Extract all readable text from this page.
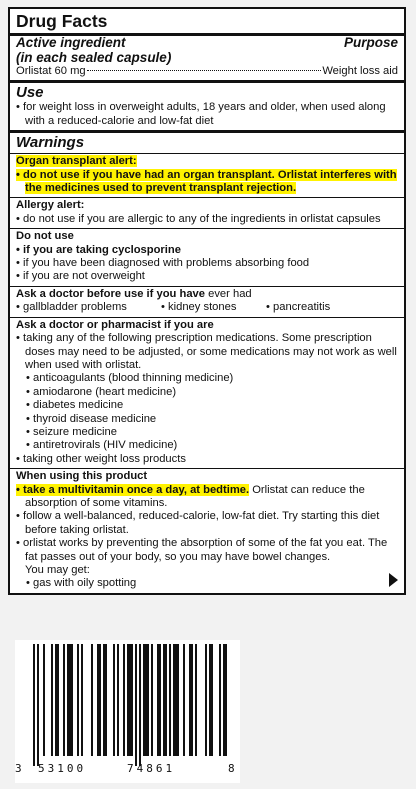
Drug Facts
Active ingredient
(in each sealed capsule)
Purpose
Orlistat 60 mg	Weight loss aid
Use
• for weight loss in overweight adults, 18 years and older, when used along with a reduced-calorie and low-fat diet
Warnings
Organ transplant alert:
• do not use if you have had an organ transplant. Orlistat interferes with the medicines used to prevent transplant rejection.
Allergy alert:
• do not use if you are allergic to any of the ingredients in orlistat capsules
Do not use
• if you are taking cyclosporine
• if you have been diagnosed with problems absorbing food
• if you are not overweight
Ask a doctor before use if you have ever had
• gallbladder problems	• kidney stones	• pancreatitis
Ask a doctor or pharmacist if you are
• taking any of the following prescription medications. Some prescription doses may need to be adjusted, or some medications may not work as well when used with orlistat.
• anticoagulants (blood thinning medicine)
• amiodarone (heart medicine)
• diabetes medicine
• thyroid disease medicine
• seizure medicine
• antiretrovirals (HIV medicine)
• taking other weight loss products
When using this product
• take a multivitamin once a day, at bedtime. Orlistat can reduce the absorption of some vitamins.
• follow a well-balanced, reduced-calorie, low-fat diet. Try starting this diet before taking orlistat.
• orlistat works by preventing the absorption of some of the fat you eat. The fat passes out of your body, so you may have bowel changes.
You may get:
• gas with oily spotting
3 53100	74861	8
